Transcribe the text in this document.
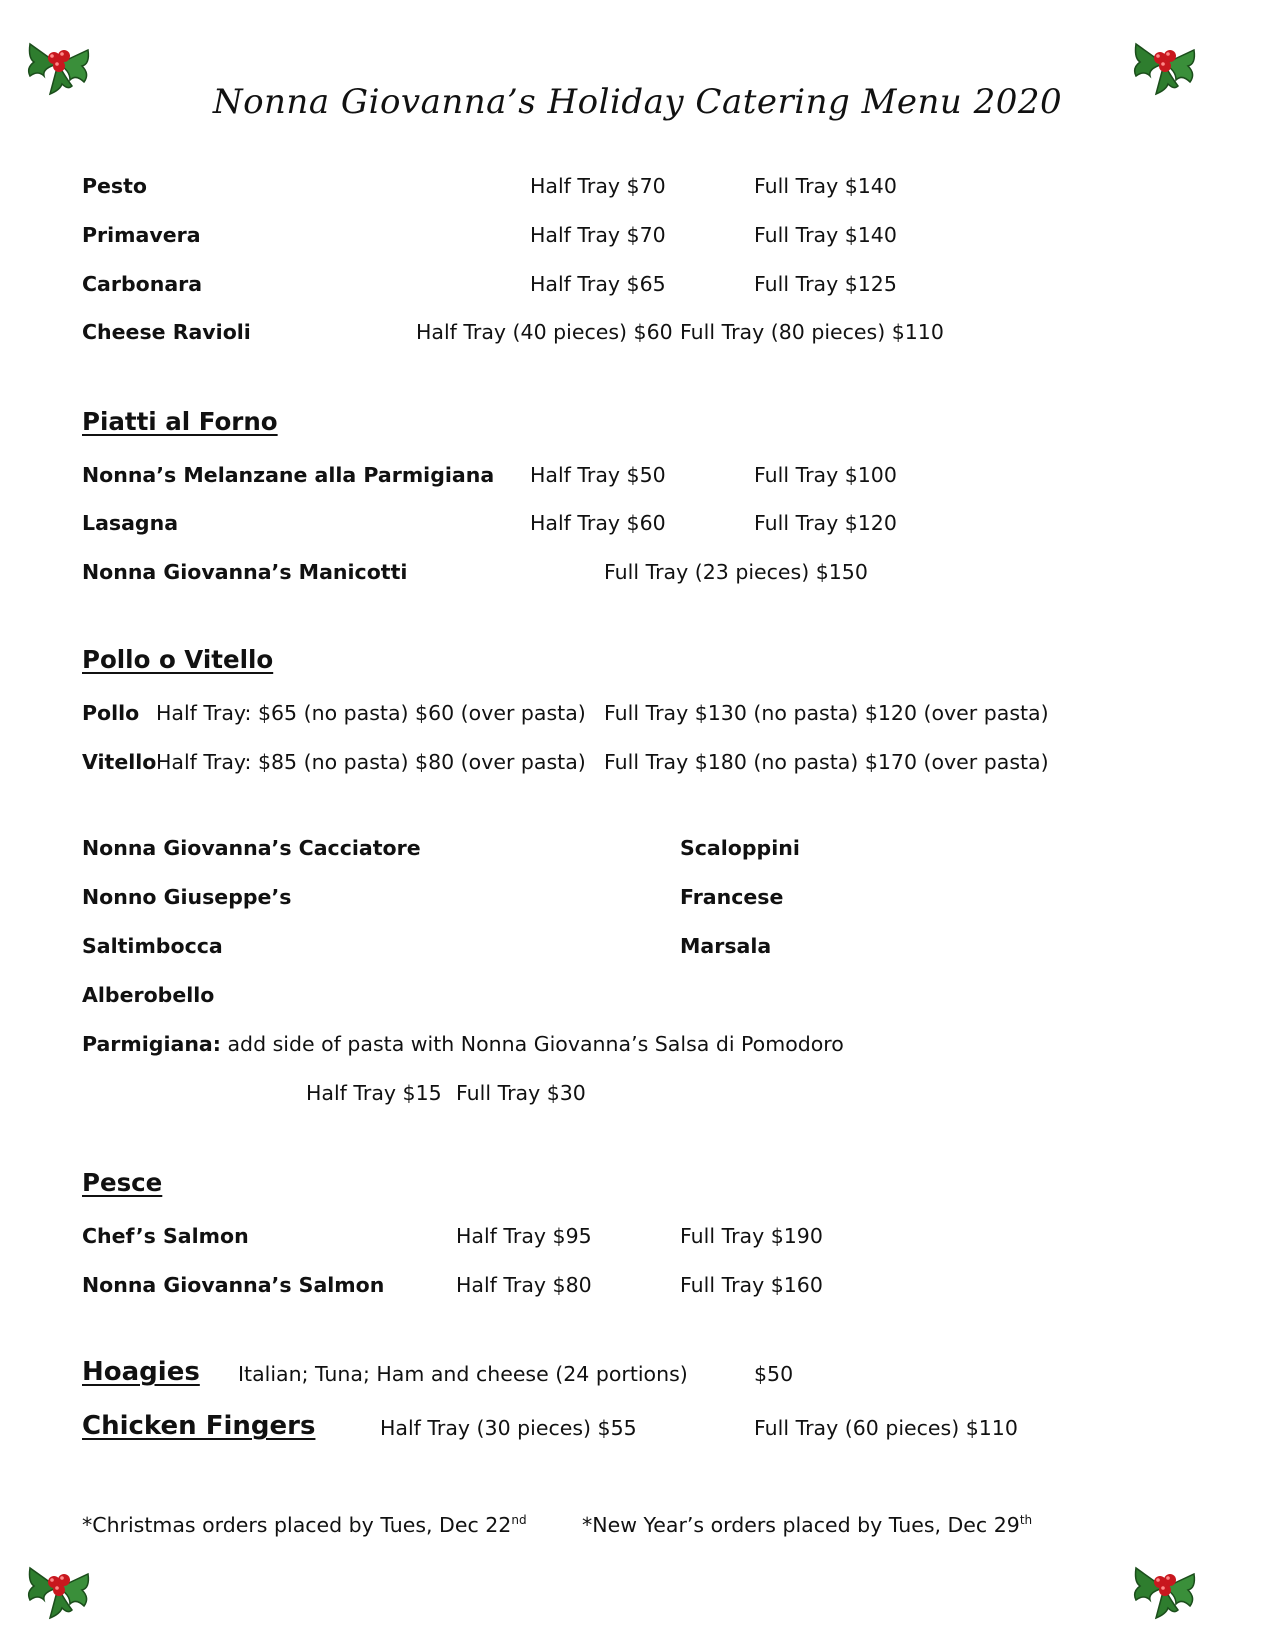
Nonna Giovanna’s Holiday Catering Menu 2020
Pesto	Half Tray $70	Full Tray $140
Primavera	Half Tray $70	Full Tray $140
Carbonara	Half Tray $65	Full Tray $125
Cheese Ravioli	Half Tray (40 pieces) $60 Full Tray (80 pieces) $110
Piatti al Forno
Nonna’s Melanzane alla Parmigiana Half Tray $50	Full Tray $100
Lasagna	Half Tray $60	Full Tray $120
Nonna Giovanna’s Manicotti	Full Tray (23 pieces) $150
Pollo o Vitello
Pollo Half Tray: $65 (no pasta) $60 (over pasta) Full Tray $130 (no pasta) $120 (over pasta)
Vitello Half Tray: $85 (no pasta) $80 (over pasta) Full Tray $180 (no pasta) $170 (over pasta)
Nonna Giovanna’s Cacciatore
Nonno Giuseppe’s
Saltimbocca
Alberobello
Scaloppini
Francese
Marsala
Parmigiana: add side of pasta with Nonna Giovanna’s Salsa di Pomodoro
Half Tray $15 Full Tray $30
Pesce
Chef’s Salmon	Half Tray $95	Full Tray $190
Nonna Giovanna’s Salmon	Half Tray $80	Full Tray $160
Hoagies Italian; Tuna; Ham and cheese (24 portions)	$50
Chicken Fingers	Half Tray (30 pieces) $55	Full Tray (60 pieces) $110
*Christmas orders placed by Tues, Dec 22nd	*New Year’s orders placed by Tues, Dec 29th
